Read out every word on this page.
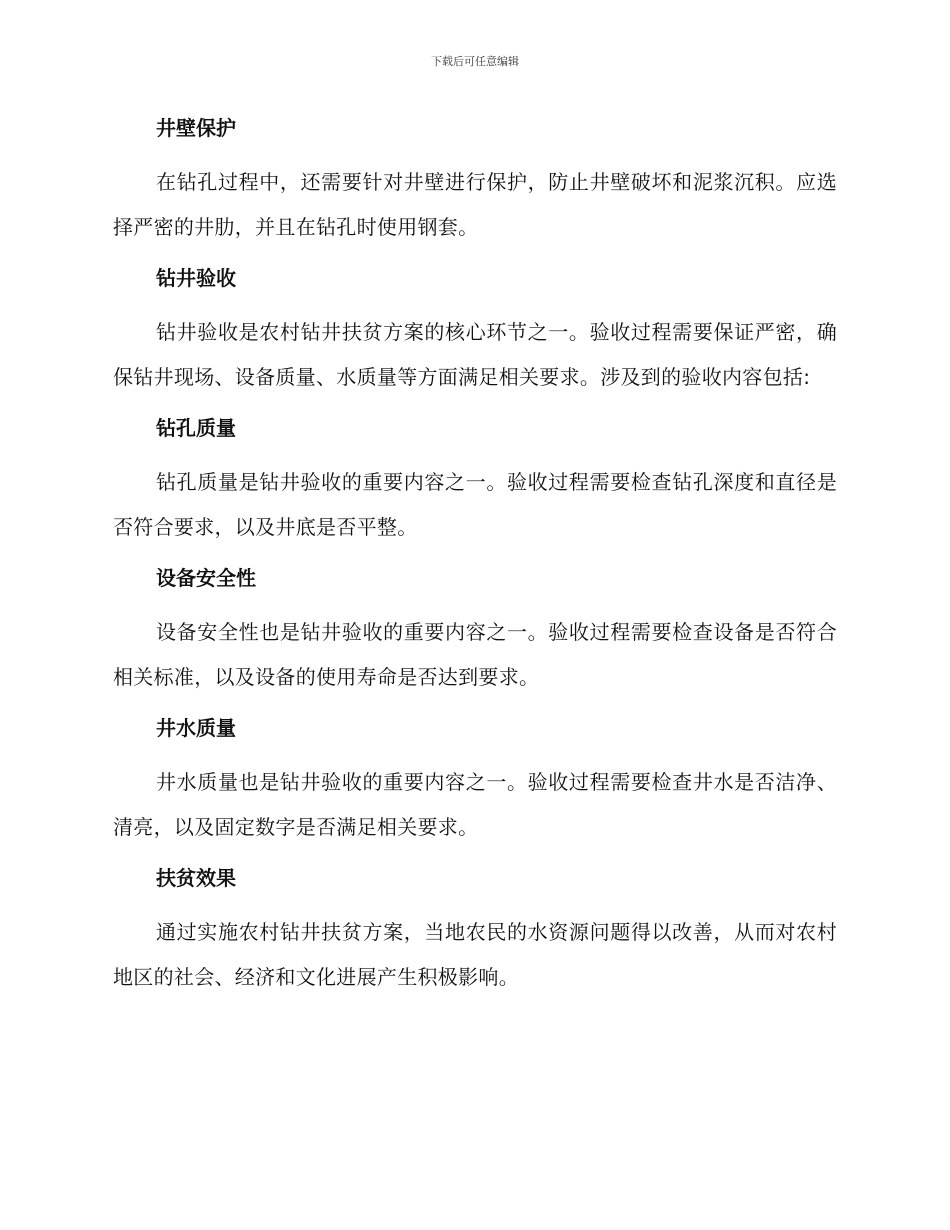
下载后可任意编辑
井壁保护

在钻孔过程中，还需要针对井壁进行保护，防止井壁破坏和泥浆沉积。应选择严密的井肋，并且在钻孔时使用钢套。

钻井验收

钻井验收是农村钻井扶贫方案的核心环节之一。验收过程需要保证严密，确保钻井现场、设备质量、水质量等方面满足相关要求。涉及到的验收内容包括:

钻孔质量

钻孔质量是钻井验收的重要内容之一。验收过程需要检查钻孔深度和直径是否符合要求，以及井底是否平整。

设备安全性

设备安全性也是钻井验收的重要内容之一。验收过程需要检查设备是否符合相关标准，以及设备的使用寿命是否达到要求。

井水质量

井水质量也是钻井验收的重要内容之一。验收过程需要检查井水是否洁净、清亮，以及固定数字是否满足相关要求。

扶贫效果

通过实施农村钻井扶贫方案，当地农民的水资源问题得以改善，从而对农村地区的社会、经济和文化进展产生积极影响。
